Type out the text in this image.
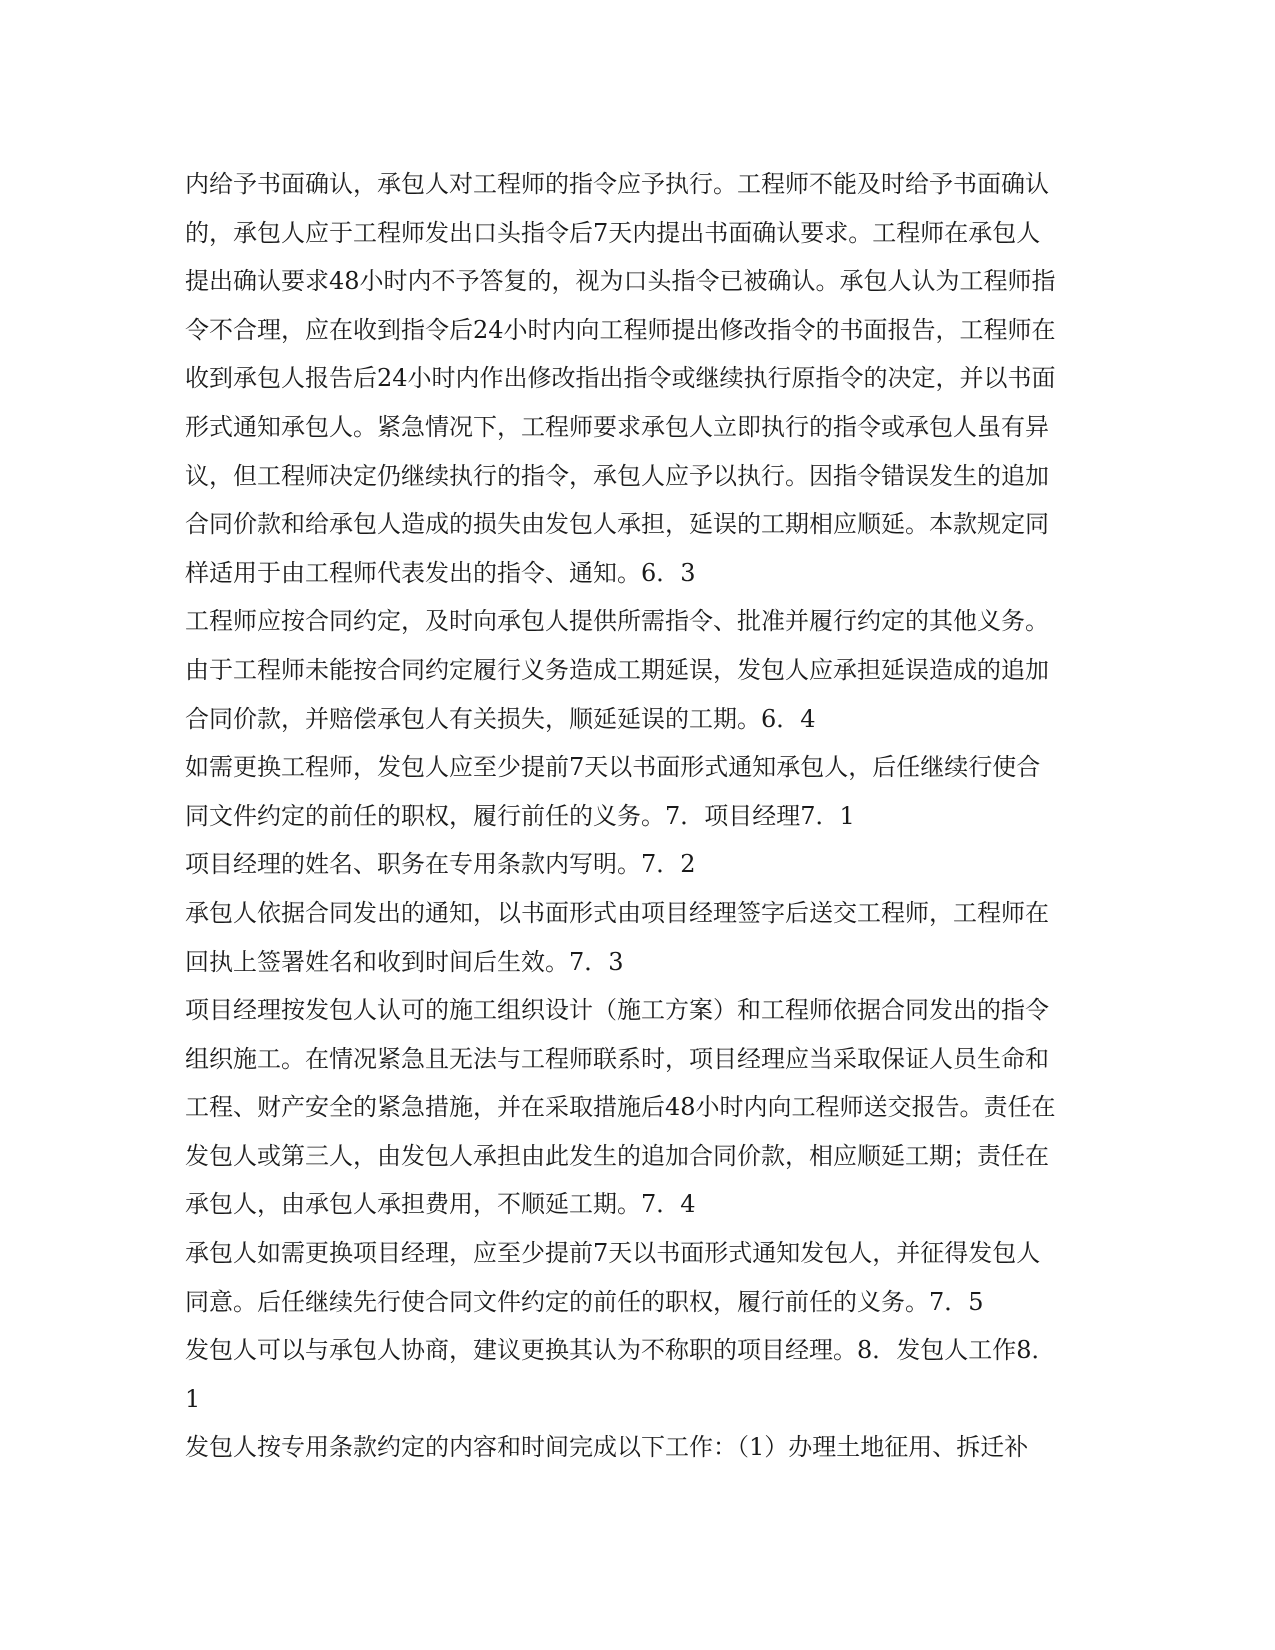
内给予书面确认，承包人对工程师的指令应予执行。工程师不能及时给予书面确认
的，承包人应于工程师发出口头指令后7天内提出书面确认要求。工程师在承包人
提出确认要求48小时内不予答复的，视为口头指令已被确认。承包人认为工程师指
令不合理，应在收到指令后24小时内向工程师提出修改指令的书面报告，工程师在
收到承包人报告后24小时内作出修改指出指令或继续执行原指令的决定，并以书面
形式通知承包人。紧急情况下，工程师要求承包人立即执行的指令或承包人虽有异
议，但工程师决定仍继续执行的指令，承包人应予以执行。因指令错误发生的追加
合同价款和给承包人造成的损失由发包人承担，延误的工期相应顺延。本款规定同
样适用于由工程师代表发出的指令、通知。6．3
工程师应按合同约定，及时向承包人提供所需指令、批准并履行约定的其他义务。
由于工程师未能按合同约定履行义务造成工期延误，发包人应承担延误造成的追加
合同价款，并赔偿承包人有关损失，顺延延误的工期。6．4
如需更换工程师，发包人应至少提前7天以书面形式通知承包人，后任继续行使合
同文件约定的前任的职权，履行前任的义务。7．项目经理7．1
项目经理的姓名、职务在专用条款内写明。7．2
承包人依据合同发出的通知，以书面形式由项目经理签字后送交工程师，工程师在
回执上签署姓名和收到时间后生效。7．3
项目经理按发包人认可的施工组织设计（施工方案）和工程师依据合同发出的指令
组织施工。在情况紧急且无法与工程师联系时，项目经理应当采取保证人员生命和
工程、财产安全的紧急措施，并在采取措施后48小时内向工程师送交报告。责任在
发包人或第三人，由发包人承担由此发生的追加合同价款，相应顺延工期；责任在
承包人，由承包人承担费用，不顺延工期。7．4
承包人如需更换项目经理，应至少提前7天以书面形式通知发包人，并征得发包人
同意。后任继续先行使合同文件约定的前任的职权，履行前任的义务。7．5
发包人可以与承包人协商，建议更换其认为不称职的项目经理。8．发包人工作8．
1
发包人按专用条款约定的内容和时间完成以下工作：（1）办理土地征用、拆迁补
